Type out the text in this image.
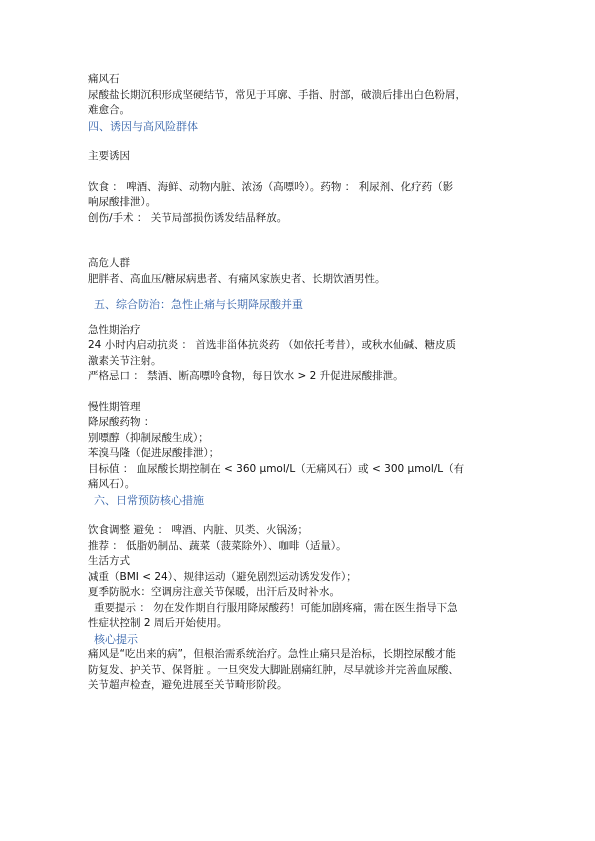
痛风石
尿酸盐长期沉积形成坚硬结节，常见于耳廓、手指、肘部，破溃后排出白色粉屑，
难愈合。
四、诱因与高风险群体
主要诱因
饮食 ： 啤酒、海鲜、动物内脏、浓汤（高嘌呤）。药物 ： 利尿剂、化疗药（影
响尿酸排泄）。
创伤/手术 ： 关节局部损伤诱发结晶释放。
高危人群
肥胖者、高血压/糖尿病患者、有痛风家族史者、长期饮酒男性。
五、综合防治：急性止痛与长期降尿酸并重
急性期治疗
24 小时内启动抗炎 ： 首选非甾体抗炎药 （如依托考昔），或秋水仙碱、糖皮质
激素关节注射。
严格忌口 ： 禁酒、断高嘌呤食物，每日饮水 > 2 升促进尿酸排泄。
慢性期管理
降尿酸药物 ：
别嘌醇（抑制尿酸生成）；
苯溴马隆（促进尿酸排泄）；
目标值 ： 血尿酸长期控制在 < 360 μmol/L（无痛风石）或 < 300 μmol/L（有
痛风石）。
六、日常预防核心措施
饮食调整 避免 ： 啤酒、内脏、贝类、火锅汤；
推荐 ： 低脂奶制品、蔬菜（菠菜除外）、咖啡（适量）。
生活方式
减重（BMI < 24）、规律运动（避免剧烈运动诱发发作）；
夏季防脱水：空调房注意关节保暖，出汗后及时补水。
重要提示 ： 勿在发作期自行服用降尿酸药！可能加剧疼痛，需在医生指导下急
性症状控制 2 周后开始使用。
核心提示
痛风是“吃出来的病”，但根治需系统治疗。急性止痛只是治标，长期控尿酸才能
防复发、护关节、保肾脏 。一旦突发大脚趾剧痛红肿，尽早就诊并完善血尿酸、
关节超声检查，避免进展至关节畸形阶段。
